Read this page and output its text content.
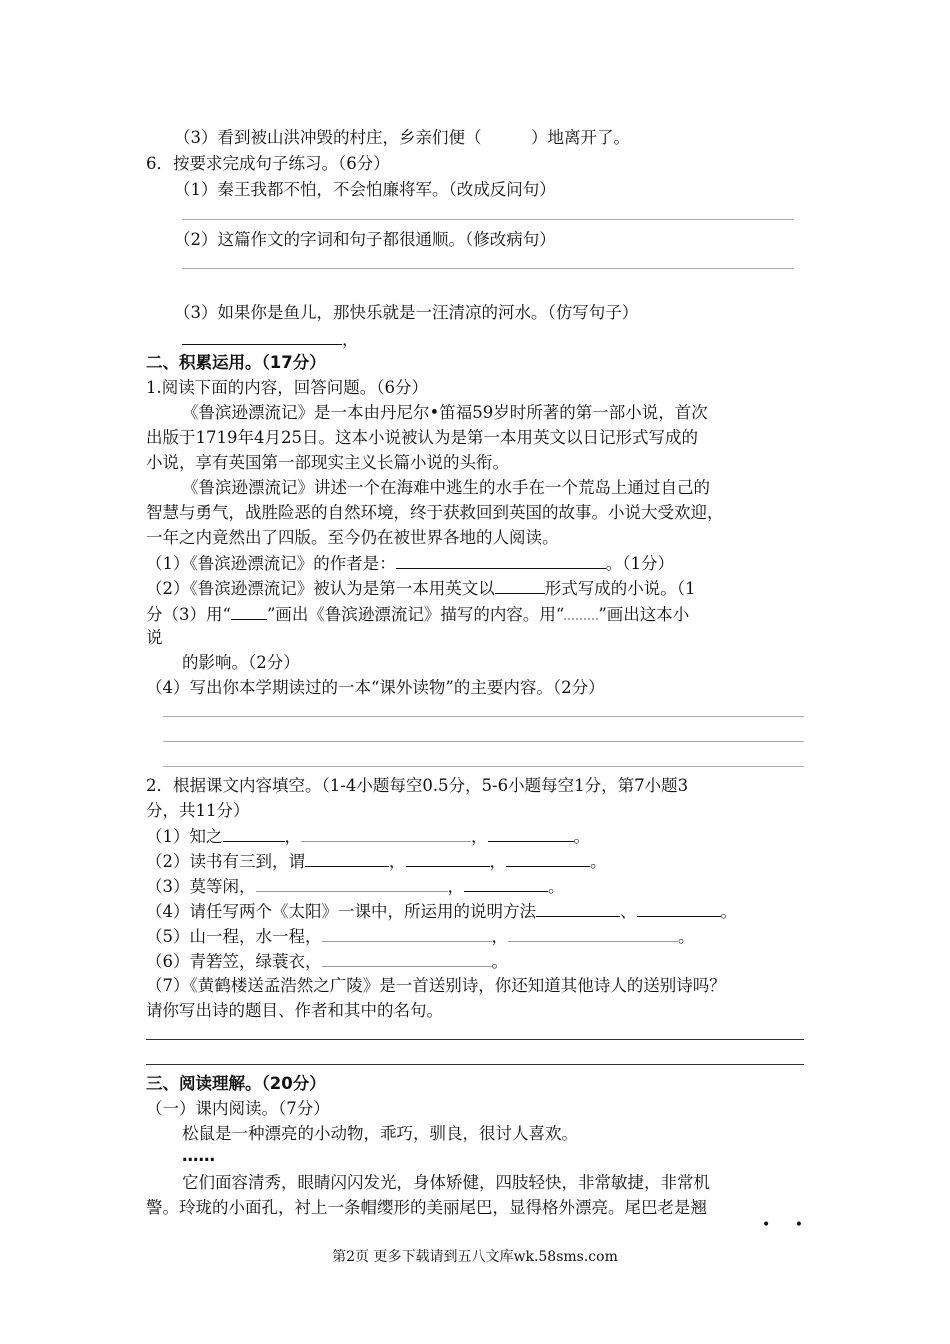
（3）看到被山洪冲毁的村庄，乡亲们便（　　　）地离开了。
6．按要求完成句子练习。（6分）
（1）秦王我都不怕，不会怕廉将军。（改成反问句）
（2）这篇作文的字词和句子都很通顺。（修改病句）
（3）如果你是鱼儿，那快乐就是一汪清凉的河水。（仿写句子）
，
二、积累运用。（17分）
1.阅读下面的内容，回答问题。（6分）
《鲁滨逊漂流记》是一本由丹尼尔•笛福59岁时所著的第一部小说，首次
出版于1719年4月25日。这本小说被认为是第一本用英文以日记形式写成的
小说，享有英国第一部现实主义长篇小说的头衔。
《鲁滨逊漂流记》讲述一个在海难中逃生的水手在一个荒岛上通过自己的
智慧与勇气，战胜险恶的自然环境，终于获救回到英国的故事。小说大受欢迎，
一年之内竟然出了四版。至今仍在被世界各地的人阅读。
（1）《鲁滨逊漂流记》的作者是：	。（1分）
（2）《鲁滨逊漂流记》被认为是第一本用英文以	形式写成的小说。（1
分（3）用“ ”画出《鲁滨逊漂流记》描写的内容。用“ ”画出这本小
说
的影响。（2分）
（4）写出你本学期读过的一本“课外读物”的主要内容。（2分）
2．根据课文内容填空。（1-4小题每空0.5分，5-6小题每空1分，第7小题3
分，共11分）
（1）知之	，	，	。
（2）读书有三到，谓	，	，	。
（3）莫等闲，	，	。
（4）请任写两个《太阳》一课中，所运用的说明方法	、	。
（5）山一程，水一程，	，	。
（6）青箬笠，绿蓑衣，	。
（7）《黄鹤楼送孟浩然之广陵》是一首送别诗，你还知道其他诗人的送别诗吗？
请你写出诗的题目、作者和其中的名句。
三、阅读理解。（20分）
（一）课内阅读。（7分）
松鼠是一种漂亮的小动物，乖巧，驯良，很讨人喜欢。
……
它们面容清秀，眼睛闪闪发光，身体矫健，四肢轻快，非常敏捷，非常机
警。玲珑的小面孔，衬上一条帽缨形的美丽尾巴，显得格外漂亮。尾巴老是翘
• •
第2页 更多下载请到五八文库wk.58sms.com
